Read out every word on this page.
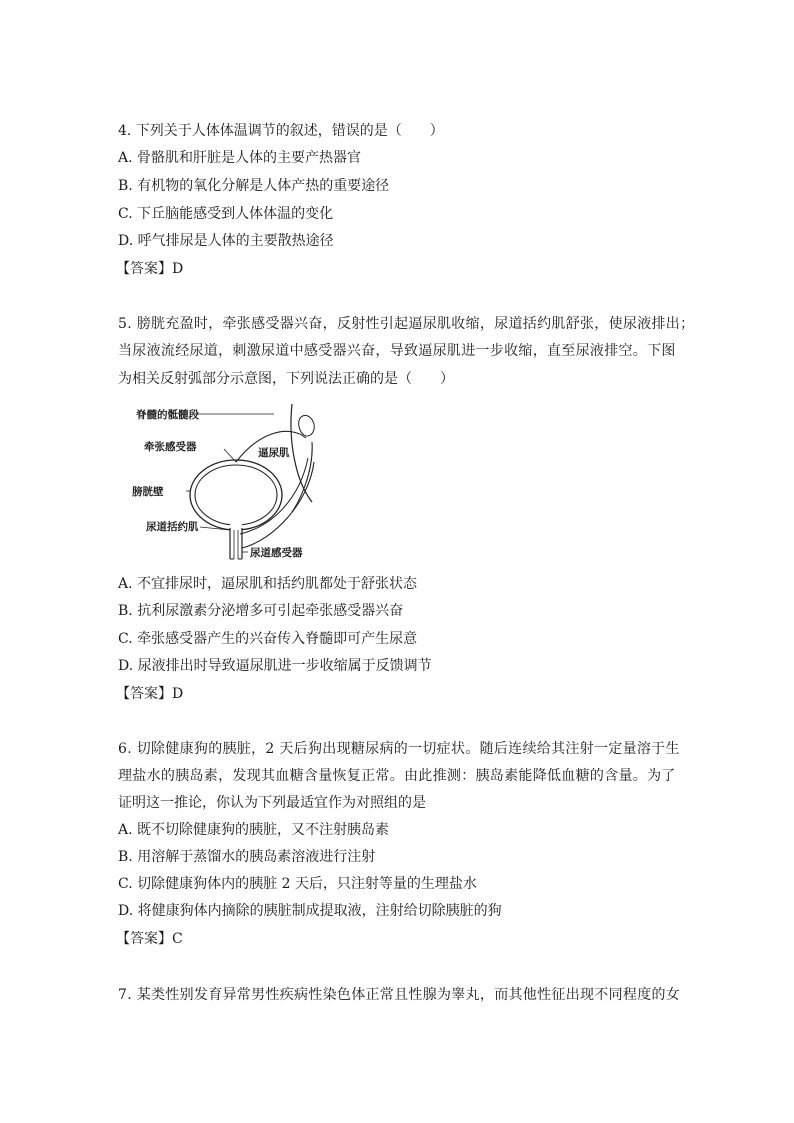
4. 下列关于人体体温调节的叙述，错误的是（　　）
A. 骨骼肌和肝脏是人体的主要产热器官
B. 有机物的氧化分解是人体产热的重要途径
C. 下丘脑能感受到人体体温的变化
D. 呼气排尿是人体的主要散热途径
【答案】D
5. 膀胱充盈时，牵张感受器兴奋，反射性引起逼尿肌收缩，尿道括约肌舒张，使尿液排出；
当尿液流经尿道，刺激尿道中感受器兴奋，导致逼尿肌进一步收缩，直至尿液排空。下图
为相关反射弧部分示意图，下列说法正确的是（　　）
脊髓的骶髓段
牵张感受器	逼尿肌
膀胱壁
尿道括约肌
尿道感受器
A. 不宜排尿时，逼尿肌和括约肌都处于舒张状态
B. 抗利尿激素分泌增多可引起牵张感受器兴奋
C. 牵张感受器产生的兴奋传入脊髓即可产生尿意
D. 尿液排出时导致逼尿肌进一步收缩属于反馈调节
【答案】D
6. 切除健康狗的胰脏，2 天后狗出现糖尿病的一切症状。随后连续给其注射一定量溶于生
理盐水的胰岛素，发现其血糖含量恢复正常。由此推测：胰岛素能降低血糖的含量。为了
证明这一推论，你认为下列最适宜作为对照组的是
A. 既不切除健康狗的胰脏，又不注射胰岛素
B. 用溶解于蒸馏水的胰岛素溶液进行注射
C. 切除健康狗体内的胰脏 2 天后，只注射等量的生理盐水
D. 将健康狗体内摘除的胰脏制成提取液，注射给切除胰脏的狗
【答案】C
7. 某类性别发育异常男性疾病性染色体正常且性腺为睾丸，而其他性征出现不同程度的女
